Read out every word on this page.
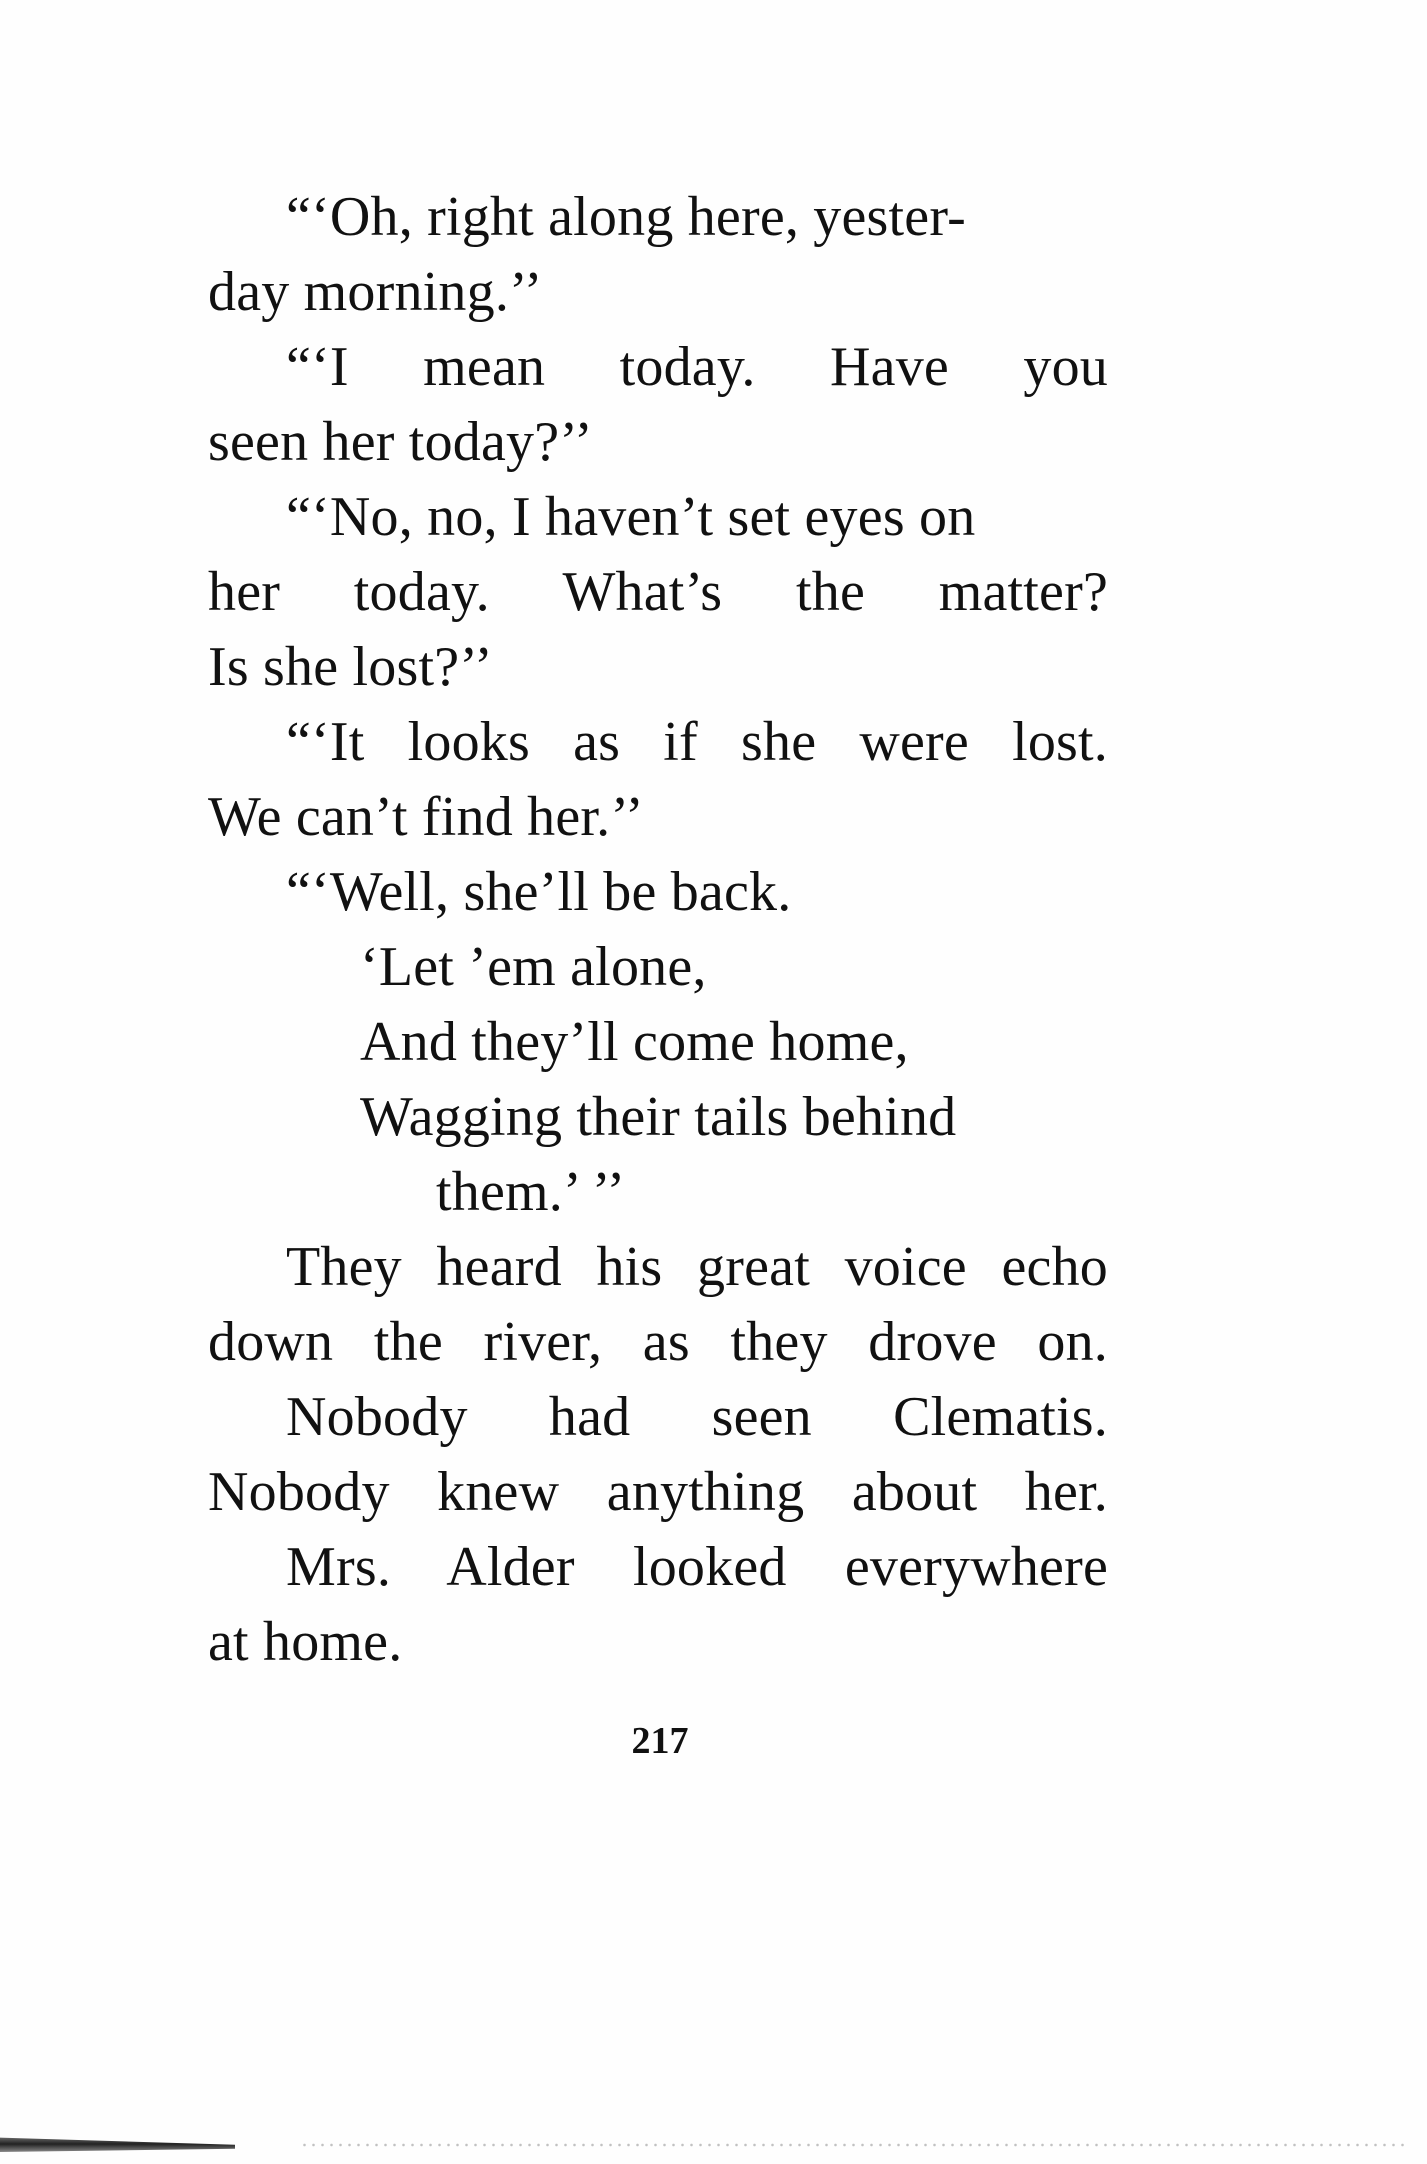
“‘Oh, right along here, yester-
day morning.’’
“‘I mean today. Have you
seen her today?’’
“‘No, no, I haven’t set eyes on
her today. What’s the matter?
Is she lost?’’
“‘It looks as if she were lost.
We can’t find her.’’
“‘Well, she’ll be back.
‘Let ’em alone,
And they’ll come home,
Wagging their tails behind
them.’ ’’
They heard his great voice echo
down the river, as they drove on.
Nobody had seen Clematis.
Nobody knew anything about her.
Mrs. Alder looked everywhere
at home.
217
